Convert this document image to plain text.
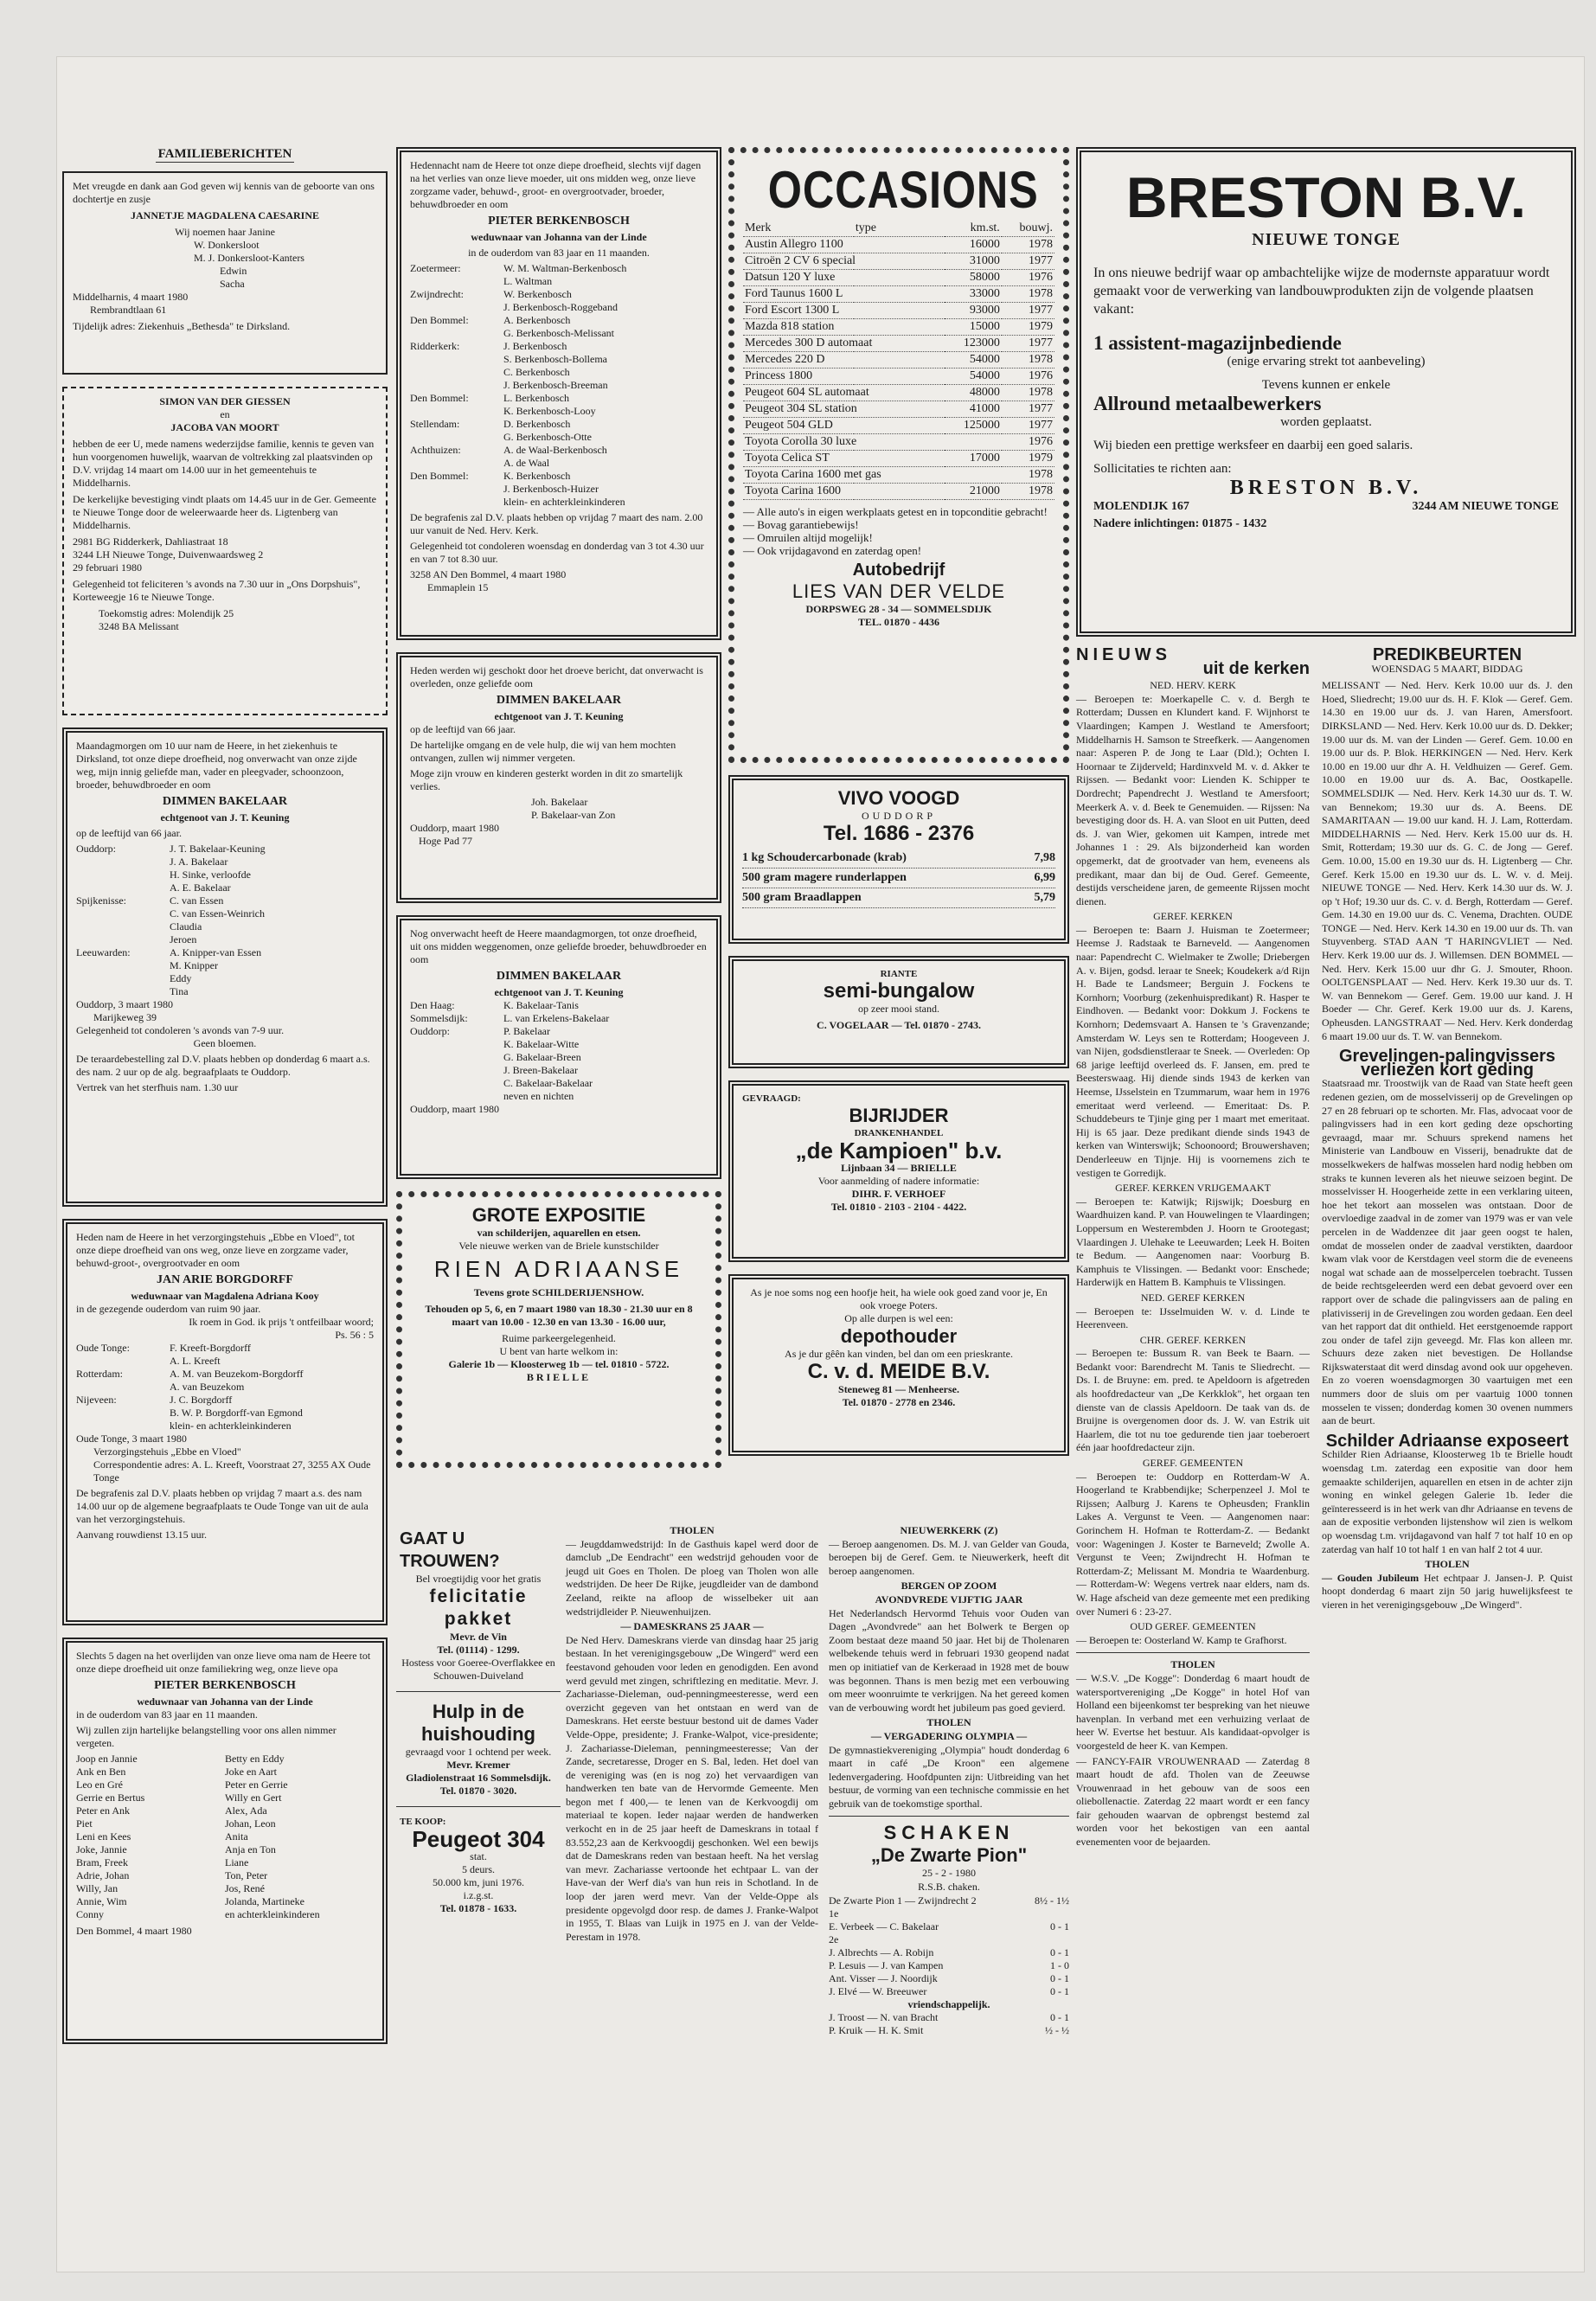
FAMILIEBERICHTEN
Met vreugde en dank aan God geven wij kennis van de geboorte van ons dochtertje en zusje
JANNETJE MAGDALENA CAESARINE
Wij noemen haar Janine
W. Donkersloot
M. J. Donkersloot-Kanters
Edwin
Sacha
Middelharnis, 4 maart 1980
Rembrandtlaan 61
Tijdelijk adres: Ziekenhuis „Bethesda" te Dirksland.
SIMON VAN DER GIESSEN
en
JACOBA VAN MOORT

hebben de eer U, mede namens wederzijdse familie, kennis te geven van hun voorgenomen huwelijk, waarvan de voltrekking zal plaatsvinden op D.V. vrijdag 14 maart om 14.00 uur in het gemeentehuis te Middelharnis.

De kerkelijke bevestiging vindt plaats om 14.45 uur in de Ger. Gemeente te Nieuwe Tonge door de weleerwaarde heer ds. Ligtenberg van Middelharnis.

2981 BG Ridderkerk, Dahliastraat 18
3244 LH Nieuwe Tonge, Duivenwaardsweg 2
29 februari 1980

Gelegenheid tot feliciteren 's avonds na 7.30 uur in „Ons Dorpshuis", Korteweegje 16 te Nieuwe Tonge.

Toekomstig adres: Molendijk 25
3248 BA Melissant
Maandagmorgen om 10 uur nam de Heere, in het ziekenhuis te Dirksland, tot onze diepe droefheid, nog onverwacht van onze zijde weg, mijn innig geliefde man, vader en pleegvader, schoonzoon, broeder, behuwdbroeder en oom
DIMMEN BAKELAAR
echtgenoot van J. T. Keuning
op de leeftijd van 66 jaar.
Ouddorp:	J. T. Bakelaar-Keuning
J. A. Bakelaar
H. Sinke, verloofde
A. E. Bakelaar
Spijkenisse:	C. van Essen
C. van Essen-Weinrich
Claudia
Jeroen
Leeuwarden:	A. Knipper-van Essen
M. Knipper
Eddy
Tina
Ouddorp, 3 maart 1980
Marijkeweg 39
Gelegenheid tot condoleren 's avonds van 7-9 uur.
Geen bloemen.

De teraardebestelling zal D.V. plaats hebben op donderdag 6 maart a.s. des nam. 2 uur op de alg. begraafplaats te Ouddorp.

Vertrek van het sterfhuis nam. 1.30 uur
Heden nam de Heere in het verzorgingstehuis „Ebbe en Vloed", tot onze diepe droefheid van ons weg, onze lieve en zorgzame vader, behuwd-groot-, overgrootvader en oom
JAN ARIE BORGDORFF
weduwnaar van Magdalena Adriana Kooy
in de gezegende ouderdom van ruim 90 jaar.
Ik roem in God. ik prijs 't ontfeilbaar woord;
Ps. 56 : 5
Oude Tonge:	F. Kreeft-Borgdorff
A. L. Kreeft
Rotterdam:	A. M. van Beuzekom-Borgdorff
A. van Beuzekom
Nijeveen:	J. C. Borgdorff
B. W. P. Borgdorff-van Egmond
klein- en achterkleinkinderen
Oude Tonge, 3 maart 1980
Verzorgingstehuis „Ebbe en Vloed"
Correspondentie adres: A. L. Kreeft, Voorstraat 27, 3255 AX Oude Tonge

De begrafenis zal D.V. plaats hebben op vrijdag 7 maart a.s. des nam 14.00 uur op de algemene begraafplaats te Oude Tonge van uit de aula van het verzorgingstehuis.

Aanvang rouwdienst 13.15 uur.
Slechts 5 dagen na het overlijden van onze lieve oma nam de Heere tot onze diepe droefheid uit onze familiekring weg, onze lieve opa
PIETER BERKENBOSCH
weduwnaar van Johanna van der Linde
in de ouderdom van 83 jaar en 11 maanden.
Wij zullen zijn hartelijke belangstelling voor ons allen nimmer vergeten.
Joop en Jannie	Betty en Eddy
Ank en Ben	Joke en Aart
Leo en Gré	Peter en Gerrie
Gerrie en Bertus	Willy en Gert
Peter en Ank	Alex, Ada
Piet	Johan, Leon
Leni en Kees	Anita
Joke, Jannie	Anja en Ton
Bram, Freek	Liane
Adrie, Johan	Ton, Peter
Willy, Jan	Jos, René
Annie, Wim	Jolanda, Martineke
Conny	en achterkleinkinderen
Den Bommel, 4 maart 1980
Hedennacht nam de Heere tot onze diepe droefheid, slechts vijf dagen na het verlies van onze lieve moeder, uit ons midden weg, onze lieve zorgzame vader, behuwd-, groot- en overgrootvader, broeder, behuwdbroeder en oom
PIETER BERKENBOSCH
weduwnaar van Johanna van der Linde
in de ouderdom van 83 jaar en 11 maanden.
Zoetermeer:	W. M. Waltman-Berkenbosch
L. Waltman
Zwijndrecht:	W. Berkenbosch
J. Berkenbosch-Roggeband
Den Bommel:	A. Berkenbosch
G. Berkenbosch-Melissant
Ridderkerk:	J. Berkenbosch
S. Berkenbosch-Bollema
C. Berkenbosch
J. Berkenbosch-Breeman
Den Bommel:	L. Berkenbosch
K. Berkenbosch-Looy
Stellendam:	D. Berkenbosch
G. Berkenbosch-Otte
Achthuizen:	A. de Waal-Berkenbosch
A. de Waal
Den Bommel:	K. Berkenbosch
J. Berkenbosch-Huizer
klein- en achterkleinkinderen

De begrafenis zal D.V. plaats hebben op vrijdag 7 maart des nam. 2.00 uur vanuit de Ned. Herv. Kerk.

Gelegenheid tot condoleren woensdag en donderdag van 3 tot 4.30 uur en van 7 tot 8.30 uur.

3258 AN Den Bommel, 4 maart 1980
Emmaplein 15
Heden werden wij geschokt door het droeve bericht, dat onverwacht is overleden, onze geliefde oom
DIMMEN BAKELAAR
echtgenoot van J. T. Keuning
op de leeftijd van 66 jaar.

De hartelijke omgang en de vele hulp, die wij van hem mochten ontvangen, zullen wij nimmer vergeten.

Moge zijn vrouw en kinderen gesterkt worden in dit zo smartelijk verlies.

Joh. Bakelaar
P. Bakelaar-van Zon
Ouddorp, maart 1980
Hoge Pad 77
Nog onverwacht heeft de Heere maandagmorgen, tot onze droefheid, uit ons midden weggenomen, onze geliefde broeder, behuwdbroeder en oom
DIMMEN BAKELAAR
echtgenoot van J. T. Keuning
Den Haag:	K. Bakelaar-Tanis
Sommelsdijk:	L. van Erkelens-Bakelaar
Ouddorp:	P. Bakelaar
K. Bakelaar-Witte
G. Bakelaar-Breen
J. Breen-Bakelaar
C. Bakelaar-Bakelaar
neven en nichten
Ouddorp, maart 1980
GROTE EXPOSITIE
van schilderijen, aquarellen en etsen.
Vele nieuwe werken van de Briele kunstschilder
RIEN ADRIAANSE
Tevens grote SCHILDERIJENSHOW.
Tehouden op 5, 6, en 7 maart 1980 van 18.30 - 21.30 uur en 8 maart van 10.00 - 12.30 en van 13.30 - 16.00 uur,
Ruime parkeergelegenheid.
U bent van harte welkom in:
Galerie 1b — Kloosterweg 1b — tel. 01810 - 5722.
BRIELLE
OCCASIONS
Merk	type	km.st.	bouwj.
Austin Allegro 1100		16000	1978
Citroën 2 CV 6 special		31000	1977
Datsun 120 Y luxe		58000	1976
Ford Taunus 1600 L		33000	1978
Ford Escort 1300 L		93000	1977
Mazda 818 station		15000	1979
Mercedes 300 D automaat		123000	1977
Mercedes 220 D		54000	1978
Princess 1800		54000	1976
Peugeot 604 SL automaat		48000	1978
Peugeot 304 SL station		41000	1977
Peugeot 504 GLD		125000	1977
Toyota Corolla 30 luxe			1976
Toyota Celica ST		17000	1979
Toyota Carina 1600 met gas			1978
Toyota Carina 1600		21000	1978
— Alle auto's in eigen werkplaats getest en in topconditie gebracht!
— Bovag garantiebewijs!
— Omruilen altijd mogelijk!
— Ook vrijdagavond en zaterdag open!
Autobedrijf
LIES VAN DER VELDE
DORPSWEG 28 - 34 — SOMMELSDIJK
TEL. 01870 - 4436
VIVO VOOGD
OUDDORP
Tel. 1686 - 2376
1 kg Schoudercarbonade (krab)	7,98
500 gram magere runderlappen	6,99
500 gram Braadlappen	5,79
RIANTE
semi-bungalow
op zeer mooi stand.
C. VOGELAAR — Tel. 01870 - 2743.
GEVRAAGD:
BIJRIJDER
DRANKENHANDEL
„de Kampioen" b.v.
Lijnbaan 34 — BRIELLE
Voor aanmelding of nadere informatie:
DIHR. F. VERHOEF
Tel. 01810 - 2103 - 2104 - 4422.
As je noe soms nog een hoofje heit, ha wiele ook goed zand voor je, En ook vroege Poters.
Op alle durpen is wel een:
depothouder
As je dur gêên kan vinden, bel dan om een prieskrante.
C. v. d. MEIDE B.V.
Steneweg 81 — Menheerse.
Tel. 01870 - 2778 en 2346.
GAAT U TROUWEN?
Bel vroegtijdig voor het gratis
felicitatie pakket
Mevr. de Vin
Tel. (01114) - 1299.
Hostess voor Goeree-Overflakkee en Schouwen-Duiveland
Hulp in de huishouding
gevraagd voor 1 ochtend per week.
Mevr. Kremer
Gladiolenstraat 16 Sommelsdijk.
Tel. 01870 - 3020.
TE KOOP:
Peugeot 304
stat.
5 deurs.
50.000 km, juni 1976.
i.z.g.st.
Tel. 01878 - 1633.
THOLEN

— Jeugddamwedstrijd: In de Gasthuis kapel werd door de damclub „De Eendracht" een wedstrijd gehouden voor de jeugd uit Goes en Tholen. De ploeg van Tholen won alle wedstrijden. De heer De Rijke, jeugdleider van de dambond Zeeland, reikte na afloop de wisselbeker uit aan wedstrijdleider P. Nieuwenhuijzen.

— DAMESKRANS 25 JAAR —

De Ned Herv. Dameskrans vierde van dinsdag haar 25 jarig bestaan. In het verenigingsgebouw „De Wingerd" werd een feestavond gehouden voor leden en genodigden. Een avond werd gevuld met zingen, schriftlezing en meditatie. Mevr. J. Zachariasse-Dieleman, oud-penningmeesteresse, werd een overzicht gegeven van het ontstaan en werd van de Dameskrans. Het eerste bestuur bestond uit de dames Vader Velde-Oppe, presidente; J. Franke-Walpot, vice-presidente; J. Zachariasse-Dieleman, penningmeesteresse; Van der Zande, secretaresse, Droger en S. Bal, leden. Het doel van de vereniging was (en is nog zo) het vervaardigen van handwerken ten bate van de Hervormde Gemeente. Men begon met f 400,— te lenen van de Kerkvoogdij om materiaal te kopen. Ieder najaar werden de handwerken verkocht en in de 25 jaar heeft de Dameskrans in totaal f 83.552,23 aan de Kerkvoogdij geschonken. Wel een bewijs dat de Dameskrans reden van bestaan heeft. Na het verslag van mevr. Zachariasse vertoonde het echtpaar L. van der Have-van der Werf dia's van hun reis in Schotland. In de loop der jaren werd mevr. Van der Velde-Oppe als presidente opgevolgd door resp. de dames J. Franke-Walpot in 1955, T. Blaas van Luijk in 1975 en J. van der Velde-Perestam in 1978.

NIEUWERKERK (Z)

— Beroep aangenomen. Ds. M. J. van Gelder van Gouda, beroepen bij de Geref. Gem. te Nieuwerkerk, heeft dit beroep aangenomen.

BERGEN OP ZOOM
AVONDVREDE VIJFTIG JAAR

Het Nederlandsch Hervormd Tehuis voor Ouden van Dagen „Avondvrede" aan het Bolwerk te Bergen op Zoom bestaat deze maand 50 jaar. Het bij de Tholenaren welbekende tehuis werd in februari 1930 geopend nadat men op initiatief van de Kerkeraad in 1928 met de bouw was begonnen. Thans is men bezig met een verbouwing om meer woonruimte te verkrijgen. Na het gereed komen van de verbouwing wordt het jubileum pas goed gevierd.

THOLEN
— VERGADERING OLYMPIA —

De gymnastiekvereniging „Olympia" houdt donderdag 6 maart in café „De Kroon" een algemene ledenvergadering. Hoofdpunten zijn: Uitbreiding van het bestuur, de vorming van een technische commissie en het gebruik van de toekomstige sporthal.

SCHAKEN
„De Zwarte Pion"
25 - 2 - 1980
R.S.B. chaken.
De Zwarte Pion 1 — Zwijndrecht 2	8½ - 1½
1e
E. Verbeek — C. Bakelaar	0 - 1
2e
J. Albrechts — A. Robijn	0 - 1
P. Lesuis — J. van Kampen	1 - 0
Ant. Visser — J. Noordijk	0 - 1
J. Elvé — W. Breeuwer	0 - 1
vriendschappelijk.
J. Troost — N. van Bracht	0 - 1
P. Kruik — H. K. Smit	½ - ½
BRESTON B.V.
NIEUWE TONGE

In ons nieuwe bedrijf waar op ambachtelijke wijze de modernste apparatuur wordt gemaakt voor de verwerking van landbouwprodukten zijn de volgende plaatsen vakant:

1 assistent-magazijnbediende
(enige ervaring strekt tot aanbeveling)
Tevens kunnen er enkele
Allround metaalbewerkers
worden geplaatst.
Wij bieden een prettige werksfeer en daarbij een goed salaris.
Sollicitaties te richten aan:
BRESTON B.V.
MOLENDIJK 167	3244 AM NIEUWE TONGE
Nadere inlichtingen: 01875 - 1432
NIEUWS
uit de kerken
NED. HERV. KERK

— Beroepen te: Moerkapelle C. v. d. Bergh te Rotterdam; Dussen en Klundert kand. F. Wijnhorst te Vlaardingen; Kampen J. Westland te Amersfoort; Middelharnis H. Samson te Streefkerk. — Aangenomen naar: Asperen P. de Jong te Laar (Dld.); Ochten I. Hoornaar te Zijderveld; Hardinxveld M. v. d. Akker te Rijssen. — Bedankt voor: Lienden K. Schipper te Dordrecht; Papendrecht J. Westland te Amersfoort; Meerkerk A. v. d. Beek te Genemuiden. — Rijssen: Na bevestiging door ds. H. A. van Sloot en uit Putten, deed ds. J. van Wier, gekomen uit Kampen, intrede met Johannes 1 : 29. Als bijzonderheid kan worden opgemerkt, dat de grootvader van hem, eveneens als predikant, maar dan bij de Oud. Geref. Gemeente, destijds verscheidene jaren, de gemeente Rijssen mocht dienen.

GEREF. KERKEN

— Beroepen te: Baarn J. Huisman te Zoetermeer; Heemse J. Radstaak te Barneveld. — Aangenomen naar: Papendrecht C. Wielmaker te Zwolle; Driebergen A. v. Bijen, godsd. leraar te Sneek; Koudekerk a/d Rijn H. Bade te Landsmeer; Berguin J. Fockens te Kornhorn; Voorburg (zekenhuispredikant) R. Hasper te Eindhoven. — Bedankt voor: Dokkum J. Fockens te Kornhorn; Dedemsvaart A. Hansen te 's Gravenzande; Amsterdam W. Leys sen te Rotterdam; Hoogeveen J. van Nijen, godsdienstleraar te Sneek. — Overleden: Op 68 jarige leeftijd overleed ds. F. Jansen, em. pred te Beesterswaag. Hij diende sinds 1943 de kerken van Heemse, IJsselstein en Tzummarum, waar hem in 1976 emeritaat werd verleend. — Emeritaat: Ds. P. Schuddebeurs te Tjinje ging per 1 maart met emeritaat. Hij is 65 jaar. Deze predikant diende sinds 1943 de kerken van Winterswijk; Schoonoord; Brouwershaven; Denderleeuw en Tijnje. Hij is voornemens zich te vestigen te Gorredijk.

GEREF. KERKEN VRIJGEMAAKT

— Beroepen te: Katwijk; Rijswijk; Doesburg en Waardhuizen kand. P. van Houwelingen te Vlaardingen; Loppersum en Westerembden J. Hoorn te Grootegast; Vlaardingen J. Ulehake te Leeuwarden; Leek H. Boiten te Bedum. — Aangenomen naar: Voorburg B. Kamphuis te Vlissingen. — Bedankt voor: Enschede; Harderwijk en Hattem B. Kamphuis te Vlissingen.

NED. GEREF KERKEN

— Beroepen te: IJsselmuiden W. v. d. Linde te Heerenveen.

CHR. GEREF. KERKEN

— Beroepen te: Bussum R. van Beek te Baarn. — Bedankt voor: Barendrecht M. Tanis te Sliedrecht. — Ds. I. de Bruyne: em. pred. te Apeldoorn is afgetreden als hoofdredacteur van „De Kerkklok", het orgaan ten dienste van de classis Apeldoorn. De taak van ds. de Bruijne is overgenomen door ds. J. W. van Estrik uit Haarlem, die tot nu toe gedurende tien jaar toeberoert één jaar hoofdredacteur zijn.

GEREF. GEMEENTEN

— Beroepen te: Ouddorp en Rotterdam-W A. Hoogerland te Krabbendijke; Scherpenzeel J. Mol te Rijssen; Aalburg J. Karens te Opheusden; Franklin Lakes A. Vergunst te Veen. — Aangenomen naar: Gorinchem H. Hofman te Rotterdam-Z. — Bedankt voor: Wageningen J. Koster te Barneveld; Zwolle A. Vergunst te Veen; Zwijndrecht H. Hofman te Rotterdam-Z; Melissant M. Mondria te Waardenburg. — Rotterdam-W: Wegens vertrek naar elders, nam ds. W. Hage afscheid van deze gemeente met een prediking over Numeri 6 : 23-27.

OUD GEREF. GEMEENTEN

— Beroepen te: Oosterland W. Kamp te Grafhorst.

THOLEN

— W.S.V. „De Kogge": Donderdag 6 maart houdt de watersportvereniging „De Kogge" in hotel Hof van Holland een bijeenkomst ter bespreking van het nieuwe havenplan. In verband met een verhuizing verlaat de heer W. Evertse het bestuur. Als kandidaat-opvolger is voorgesteld de heer K. van Kempen.

— FANCY-FAIR VROUWENRAAD — Zaterdag 8 maart houdt de afd. Tholen van de Zeeuwse Vrouwenraad in het gebouw van de soos een oliebollenactie. Zaterdag 22 maart wordt er een fancy fair gehouden waarvan de opbrengst bestemd zal worden voor het bekostigen van een aantal evenementen voor de bejaarden.

PREDIKBEURTEN
WOENSDAG 5 MAART, BIDDAG

MELISSANT — Ned. Herv. Kerk 10.00 uur ds. J. den Hoed, Sliedrecht; 19.00 uur ds. H. F. Klok — Geref. Gem. 14.30 en 19.00 uur ds. J. van Haren, Amersfoort. DIRKSLAND — Ned. Herv. Kerk 10.00 uur ds. D. Dekker; 19.00 uur ds. M. van der Linden — Geref. Gem. 10.00 en 19.00 uur ds. P. Blok. HERKINGEN — Ned. Herv. Kerk 10.00 en 19.00 uur dhr A. H. Veldhuizen — Geref. Gem. 10.00 en 19.00 uur ds. A. Bac, Oostkapelle. SOMMELSDIJK — Ned. Herv. Kerk 14.30 uur ds. T. W. van Bennekom; 19.30 uur ds. A. Beens. DE SAMARITAAN — 19.00 uur kand. H. J. Lam, Rotterdam. MIDDELHARNIS — Ned. Herv. Kerk 15.00 uur ds. H. Smit, Rotterdam; 19.30 uur ds. G. C. de Jong — Geref. Gem. 10.00, 15.00 en 19.30 uur ds. H. Ligtenberg — Chr. Geref. Kerk 15.00 en 19.30 uur ds. L. W. v. d. Meij. NIEUWE TONGE — Ned. Herv. Kerk 14.30 uur ds. W. J. op 't Hof; 19.30 uur ds. C. v. d. Bergh, Rotterdam — Geref. Gem. 14.30 en 19.00 uur ds. C. Venema, Drachten. OUDE TONGE — Ned. Herv. Kerk 14.30 en 19.00 uur ds. Th. van Stuyvenberg. STAD AAN 'T HARINGVLIET — Ned. Herv. Kerk 19.00 uur ds. J. Willemsen. DEN BOMMEL — Ned. Herv. Kerk 15.00 uur dhr G. J. Smouter, Rhoon. OOLTGENSPLAAT — Ned. Herv. Kerk 19.30 uur ds. T. W. van Bennekom — Geref. Gem. 19.00 uur kand. J. H Boeder — Chr. Geref. Kerk 19.00 uur ds. J. Karens, Opheusden. LANGSTRAAT — Ned. Herv. Kerk donderdag 6 maart 19.00 uur ds. T. W. van Bennekom.

Grevelingen-palingvissers verliezen kort geding

Staatsraad mr. Troostwijk van de Raad van State heeft geen redenen gezien, om de mosselvisserij op de Grevelingen op 27 en 28 februari op te schorten. Mr. Flas, advocaat voor de palingvissers had in een kort geding deze opschorting gevraagd, maar mr. Schuurs sprekend namens het Ministerie van Landbouw en Visserij, benadrukte dat de mosselkwekers de halfwas mosselen hard nodig hebben om straks te kunnen leveren als het nieuwe seizoen begint. De mosselvisser H. Hoogerheide zette in een verklaring uiteen, hoe het tekort aan mosselen was ontstaan. Door de overvloedige zaadval in de zomer van 1979 was er van vele percelen in de Waddenzee dit jaar geen oogst te halen, omdat de mosselen onder de zaadval verstikten, daardoor kwam vlak voor de Kerstdagen veel storm die de eveneens nogal wat schade aan de mosselpercelen toebracht. Tussen de beide rechtsgeleerden werd een debat gevoerd over een rapport over de schade die palingvissers aan de paling en plativisserij in de Grevelingen zou worden gedaan. Een deel van het rapport dat dit onthield. Het eerstgenoemde rapport zou onder de tafel zijn geveegd. Mr. Flas kon alleen mr. Schuurs deze zaken niet bevestigen. De Hollandse Rijkswaterstaat dit werd dinsdag avond ook uur opgeheven. En zo voeren woensdagmorgen 30 vaartuigen met een nummers door de sluis om per vaartuig 1000 tonnen mosselen te vissen; donderdag komen 30 ovenen nummers aan de beurt.

Schilder Adriaanse exposeert

Schilder Rien Adriaanse, Kloosterweg 1b te Brielle houdt woensdag t.m. zaterdag een expositie van door hem gemaakte schilderijen, aquarellen en etsen in de achter zijn woning en winkel gelegen Galerie 1b. Ieder die geïnteresseerd is in het werk van dhr Adriaanse en tevens de aan de expositie verbonden lijstenshow wil zien is welkom op woensdag t.m. vrijdagavond van half 7 tot half 10 en op zaterdag van half 10 tot half 1 en van half 2 tot 4 uur.

THOLEN

— Gouden Jubileum Het echtpaar J. Jansen-J. P. Quist hoopt donderdag 6 maart zijn 50 jarig huwelijksfeest te vieren in het verenigingsgebouw „De Wingerd".
